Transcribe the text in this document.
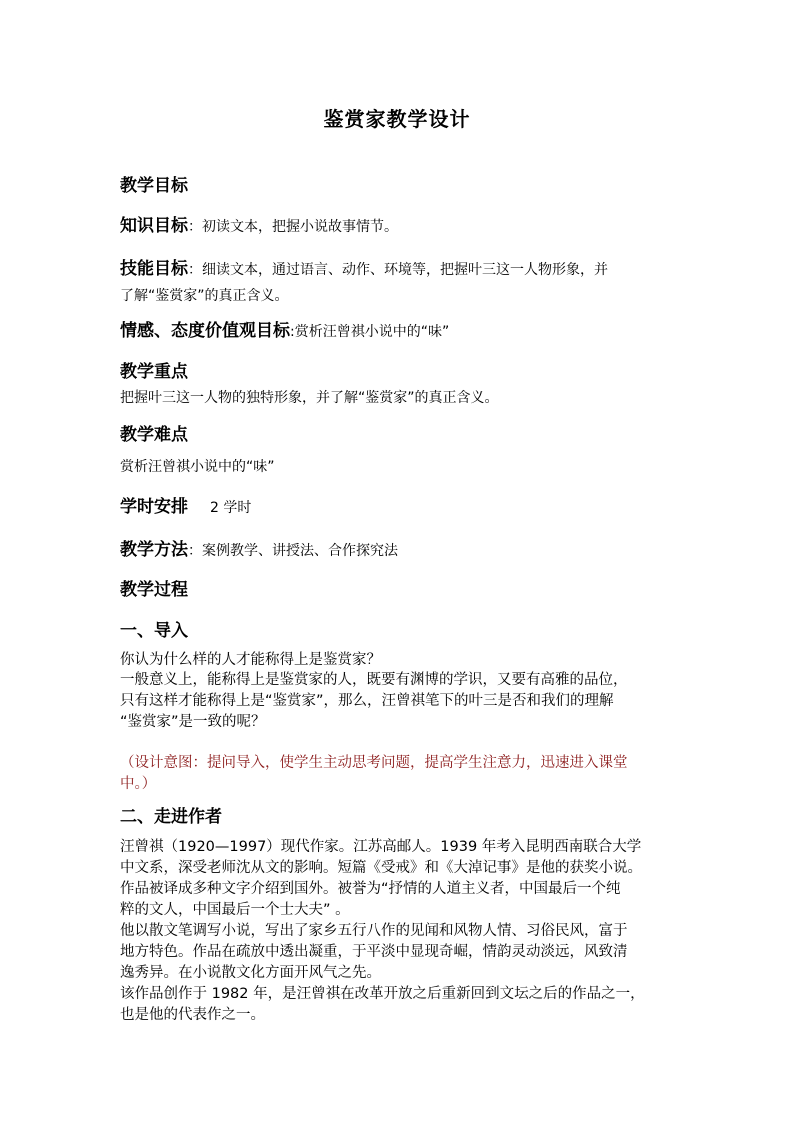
鉴赏家教学设计
教学目标
知识目标：初读文本，把握小说故事情节。
技能目标：细读文本，通过语言、动作、环境等，把握叶三这一人物形象，并
了解“鉴赏家”的真正含义。
情感、态度价值观目标:赏析汪曾祺小说中的“味”
教学重点
把握叶三这一人物的独特形象，并了解“鉴赏家”的真正含义。
教学难点
赏析汪曾祺小说中的“味”
学时安排 2 学时
教学方法：案例教学、讲授法、合作探究法
教学过程
一、导入
你认为什么样的人才能称得上是鉴赏家？
一般意义上，能称得上是鉴赏家的人，既要有渊博的学识，又要有高雅的品位，
只有这样才能称得上是“鉴赏家”，那么，汪曾祺笔下的叶三是否和我们的理解
“鉴赏家”是一致的呢？
（设计意图：提问导入，使学生主动思考问题，提高学生注意力，迅速进入课堂
中。）
二、走进作者
汪曾祺（1920—1997）现代作家。江苏高邮人。1939 年考入昆明西南联合大学
中文系，深受老师沈从文的影响。短篇《受戒》和《大淖记事》是他的获奖小说。
作品被译成多种文字介绍到国外。被誉为“抒情的人道主义者，中国最后一个纯
粹的文人，中国最后一个士大夫” 。
他以散文笔调写小说，写出了家乡五行八作的见闻和风物人情、习俗民风，富于
地方特色。作品在疏放中透出凝重，于平淡中显现奇崛，情韵灵动淡远，风致清
逸秀异。在小说散文化方面开风气之先。
该作品创作于 1982 年，是汪曾祺在改革开放之后重新回到文坛之后的作品之一，
也是他的代表作之一。
